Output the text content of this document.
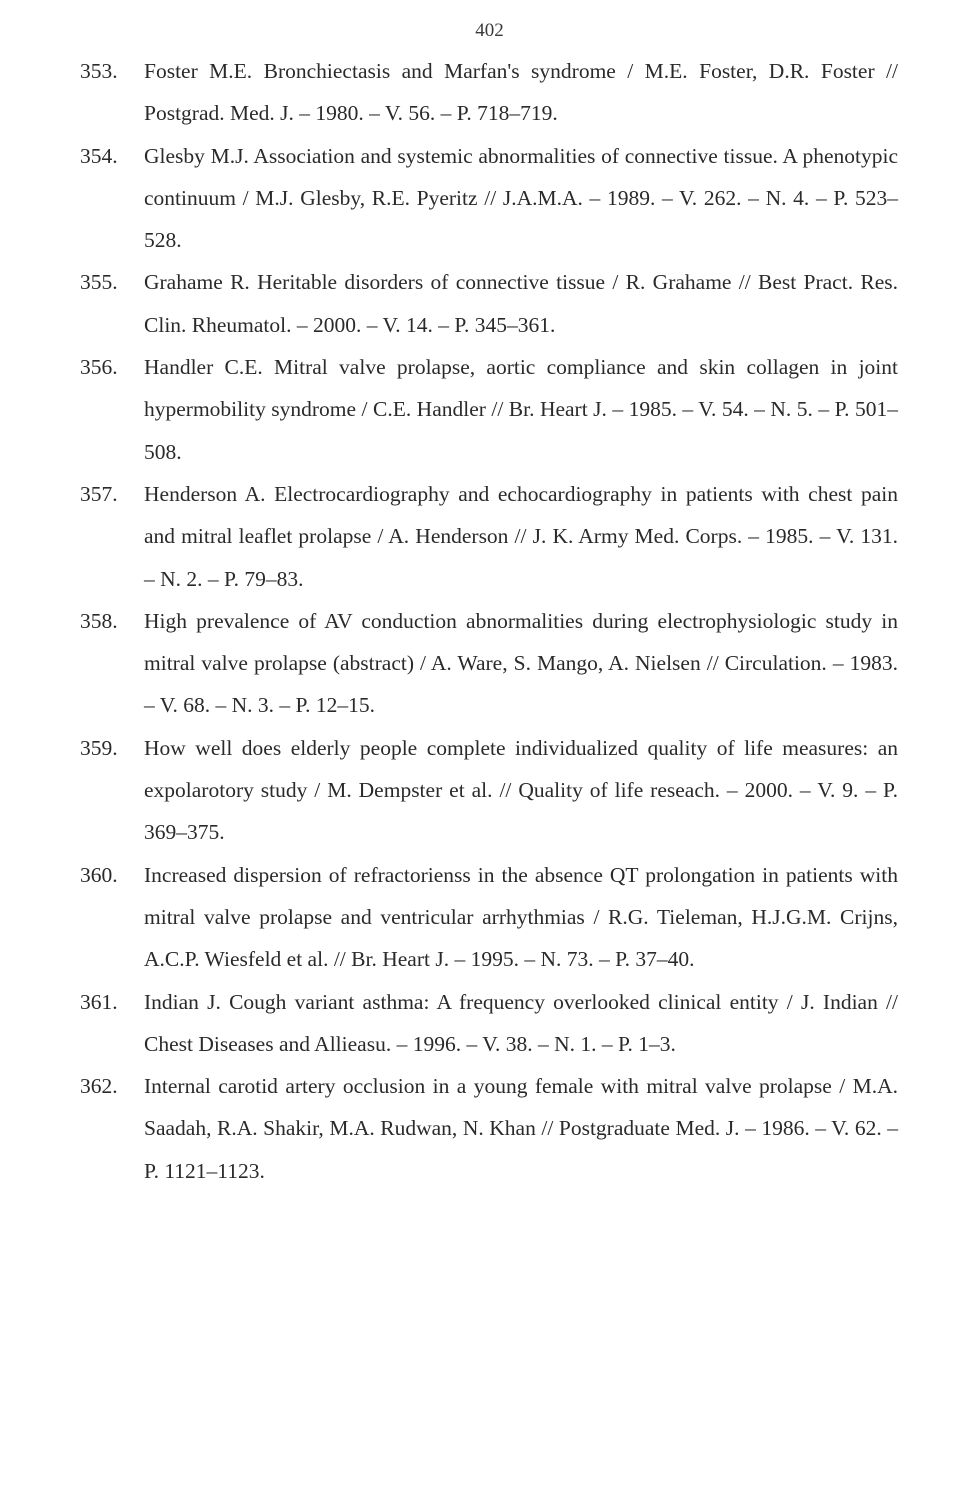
402
353.	Foster M.E. Bronchiectasis and Marfan's syndrome / M.E. Foster, D.R. Foster // Postgrad. Med. J. – 1980. – V. 56. – P. 718–719.
354.	Glesby M.J. Association and systemic abnormalities of connective tissue. A phenotypic continuum / M.J. Glesby, R.E. Pyeritz // J.A.M.A. – 1989. – V. 262. – N. 4. – P. 523–528.
355.	Grahame R. Heritable disorders of connective tissue / R. Grahame // Best Pract. Res. Clin. Rheumatol. – 2000. – V. 14. – P. 345–361.
356.	Handler C.E. Mitral valve prolapse, aortic compliance and skin collagen in joint hypermobility syndrome / C.E. Handler // Br. Heart J. – 1985. – V. 54. – N. 5. – P. 501–508.
357.	Henderson A. Electrocardiography and echocardiography in patients with chest pain and mitral leaflet prolapse / A. Henderson // J. K. Army Med. Corps. – 1985. – V. 131. – N. 2. – P. 79–83.
358.	High prevalence of AV conduction abnormalities during electrophysiologic study in mitral valve prolapse (abstract) / A. Ware, S. Mango, A. Nielsen // Circulation. – 1983. – V. 68. – N. 3. – P. 12–15.
359.	How well does elderly people complete individualized quality of life measures: an expolarotory study / M. Dempster et al. // Quality of life reseach. – 2000. – V. 9. – P. 369–375.
360.	Increased dispersion of refractorienss in the absence QT prolongation in patients with mitral valve prolapse and ventricular arrhythmias / R.G. Tieleman, H.J.G.M. Crijns, A.C.P. Wiesfeld et al. // Br. Heart J. – 1995. – N. 73. – P. 37–40.
361.	Indian J. Cough variant asthma: A frequency overlooked clinical entity / J. Indian // Chest Diseases and Allieasu. – 1996. – V. 38. – N. 1. – P. 1–3.
362.	Internal carotid artery occlusion in a young female with mitral valve prolapse / M.A. Saadah, R.A. Shakir, M.A. Rudwan, N. Khan // Postgraduate Med. J. – 1986. – V. 62. – P. 1121–1123.
